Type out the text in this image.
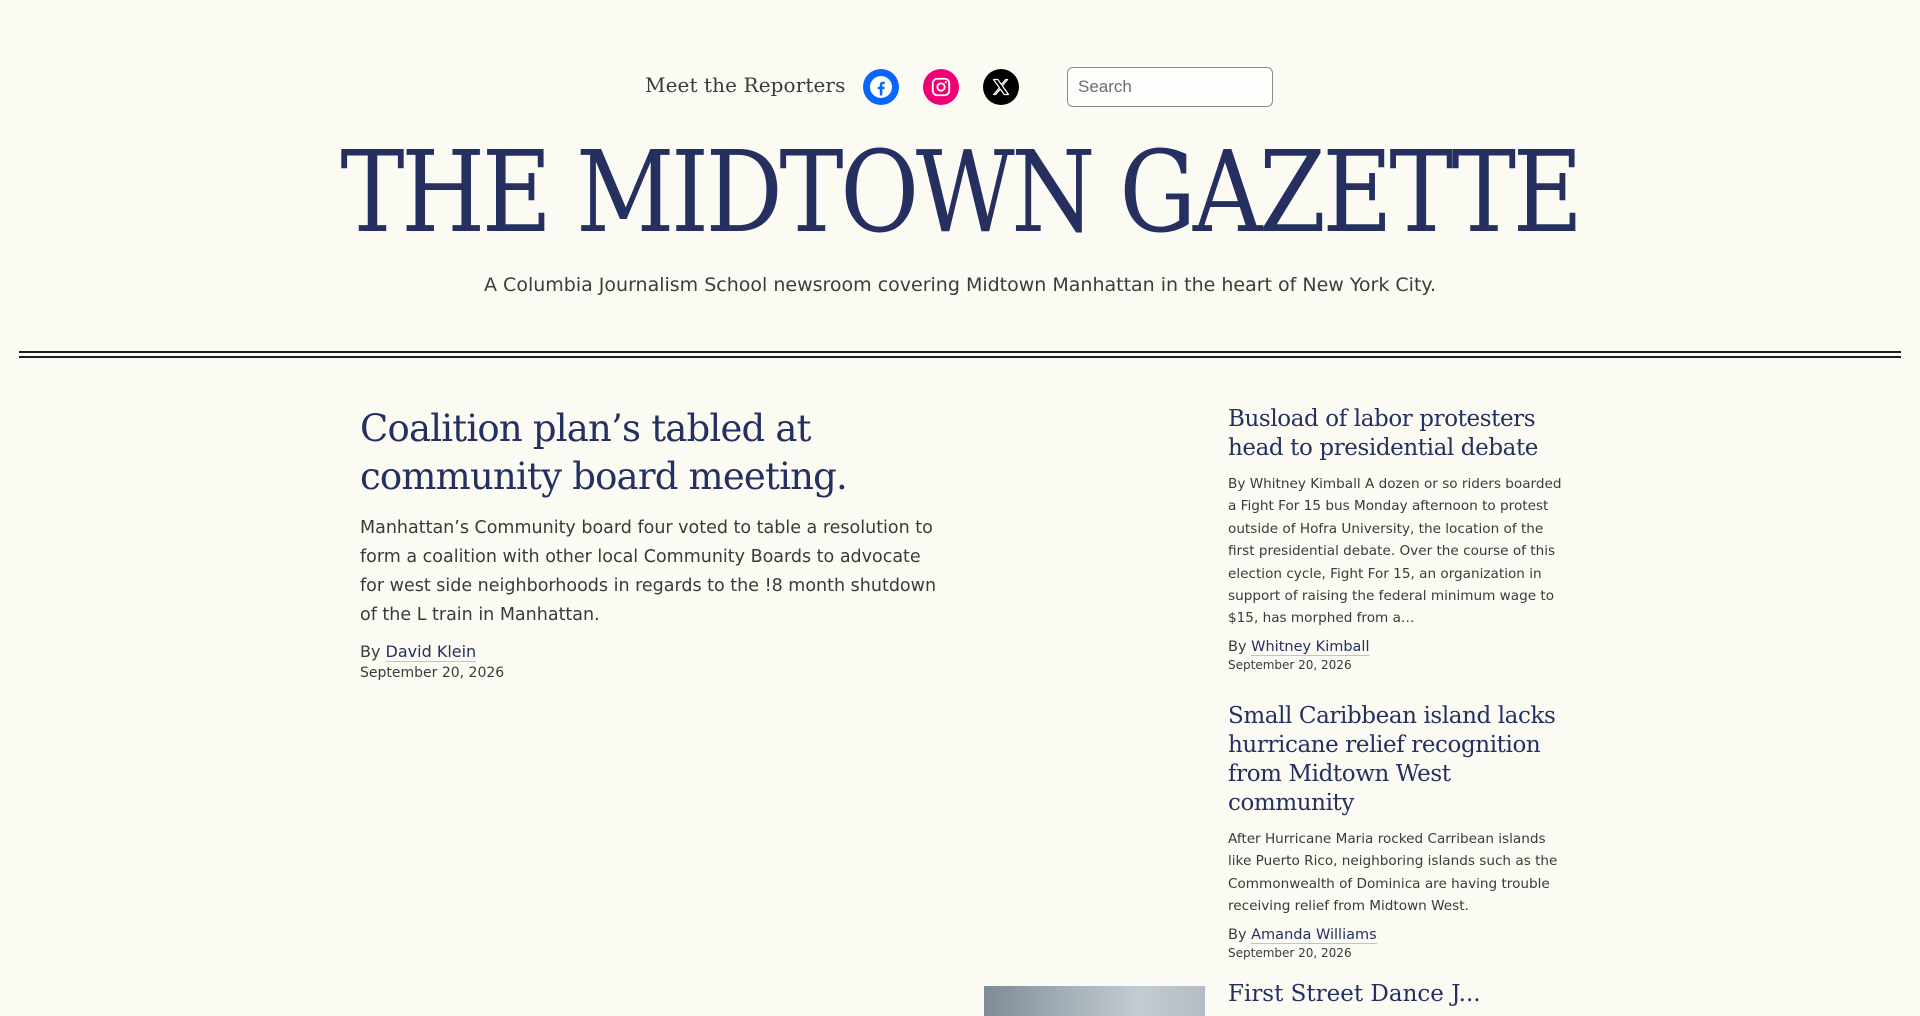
Meet the Reporters
Search
THE MIDTOWN GAZETTE
A Columbia Journalism School newsroom covering Midtown Manhattan in the heart of New York City.
Coalition plan’s tabled at community board meeting.

Manhattan’s Community board four voted to table a resolution to form a coalition with other local Community Boards to advocate for west side neighborhoods in regards to the !8 month shutdown of the L train in Manhattan.

By David Klein
September 20, 2026
Busload of labor protesters head to presidential debate

By Whitney Kimball A dozen or so riders boarded a Fight For 15 bus Monday afternoon to protest outside of Hofra University, the location of the first presidential debate. Over the course of this election cycle, Fight For 15, an organization in support of raising the federal minimum wage to $15, has morphed from a…

By Whitney Kimball
September 20, 2026
Small Caribbean island lacks hurricane relief recognition from Midtown West community

After Hurricane Maria rocked Carribean islands like Puerto Rico, neighboring islands such as the Commonwealth of Dominica are having trouble receiving relief from Midtown West.

By Amanda Williams
September 20, 2026
First Street Dance J...
